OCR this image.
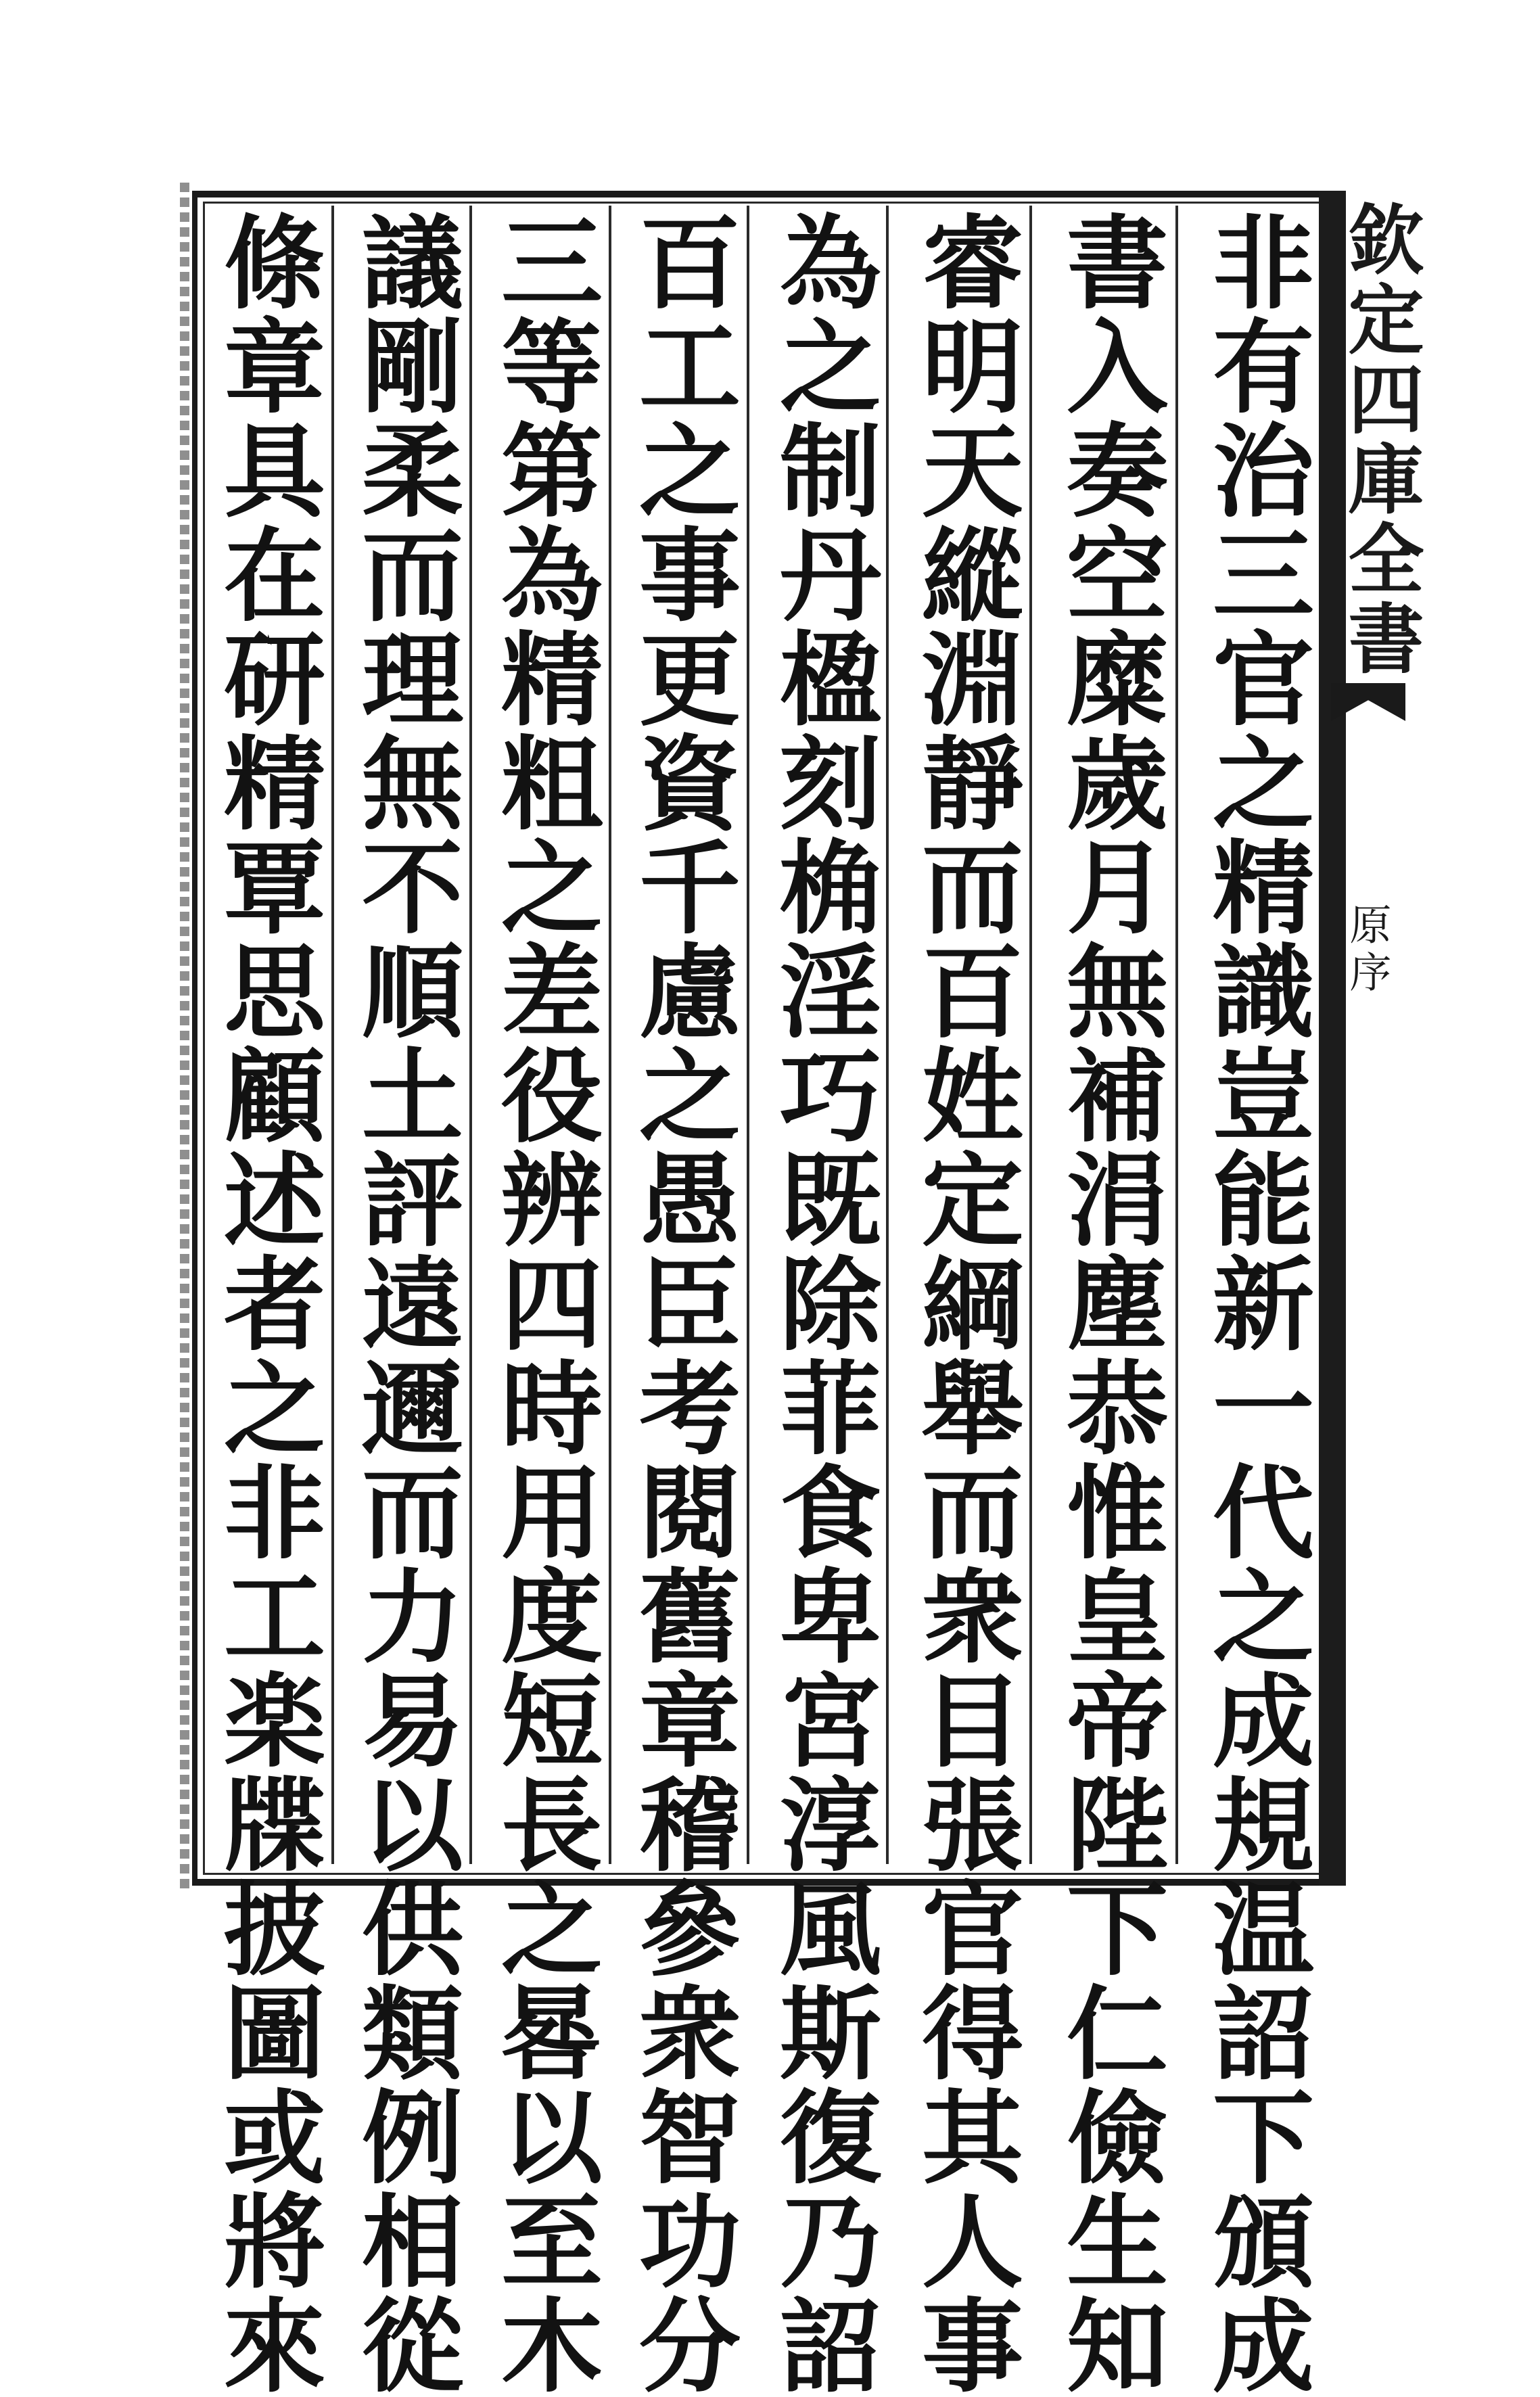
非有治三官之精識豈能新一代之成規温詔下頒成
書入奏空糜歲月無補涓塵恭惟皇帝陛下仁儉生知
睿明天縱淵靜而百姓定綱舉而衆目張官得其人事
為之制丹楹刻桷淫巧既除菲食卑宮淳風斯復乃詔
百工之事更資千慮之愚臣考閱舊章稽參衆智功分
三等第為精粗之差役辨四時用度短長之晷以至木
議剛柔而理無不順土評遠邇而力易以供類例相從
條章具在研精覃思顧述者之非工楽牒披圖或將來	欽定四庫全書
原序
